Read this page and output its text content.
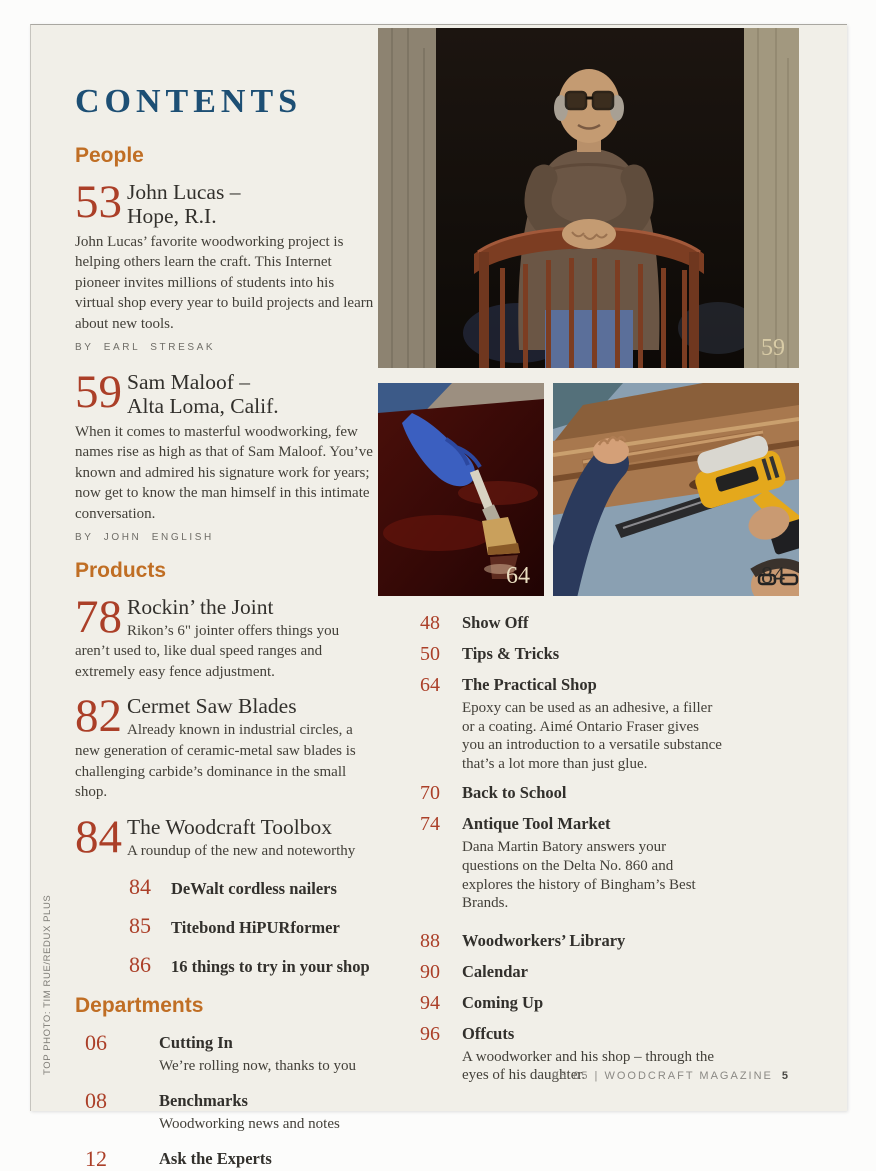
CONTENTS
People
53 John Lucas –
Hope, R.I.
John Lucas’ favorite woodworking project is helping others learn the craft. This Internet pioneer invites millions of students into his virtual shop every year to build projects and learn about new tools.
BY EARL STRESAK
59 Sam Maloof –
Alta Loma, Calif.
When it comes to masterful woodworking, few names rise as high as that of Sam Maloof. You’ve known and admired his signature work for years; now get to know the man himself in this intimate conversation.
BY JOHN ENGLISH
Products
78 Rockin’ the Joint
Rikon’s 6" jointer offers things you aren’t used to, like dual speed ranges and extremely easy fence adjustment.
82 Cermet Saw Blades
Already known in industrial circles, a new generation of ceramic-metal saw blades is challenging carbide’s dominance in the small shop.
84 The Woodcraft Toolbox
A roundup of the new and noteworthy
84	DeWalt cordless nailers
85	Titebond HiPURformer
86	16 things to try in your shop
Departments
06	Cutting In
We’re rolling now, thanks to you
08	Benchmarks
Woodworking news and notes
12	Ask the Experts
48	Show Off
50	Tips & Tricks
64	The Practical Shop
Epoxy can be used as an adhesive, a filler or a coating. Aimé Ontario Fraser gives you an introduction to a versatile substance that’s a lot more than just glue.
70	Back to School
74	Antique Tool Market
Dana Martin Batory answers your questions on the Delta No. 860 and explores the history of Bingham’s Best Brands.
88	Woodworkers’ Library
90	Calendar
94	Coming Up
96	Offcuts
A woodworker and his shop – through the eyes of his daughter.
59
64	84
05.05 | WOODCRAFT MAGAZINE 5
TOP PHOTO: TIM RUE/REDUX PLUS
